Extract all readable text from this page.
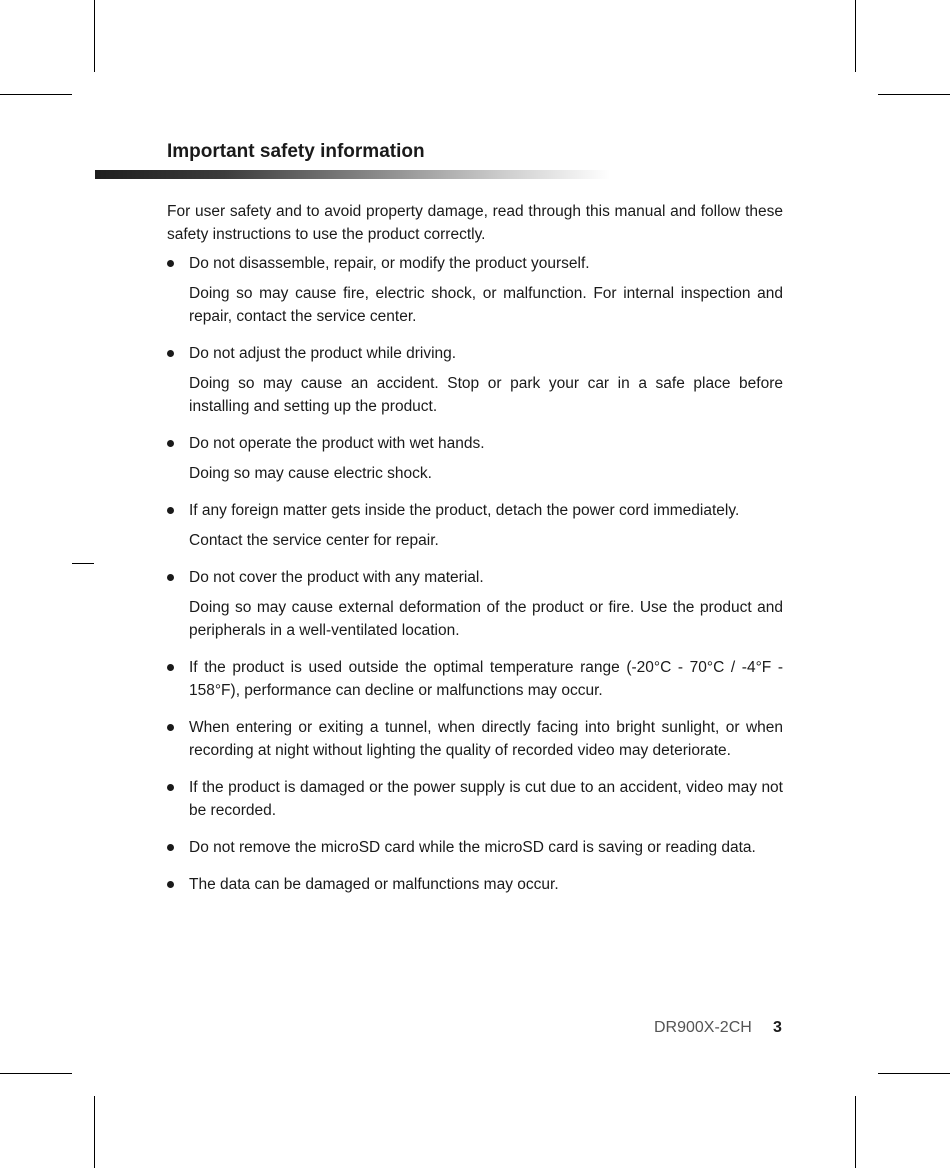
Important safety information

For user safety and to avoid property damage, read through this manual and follow these safety instructions to use the product correctly.

Do not disassemble, repair, or modify the product yourself.
Doing so may cause fire, electric shock, or malfunction. For internal inspection and repair, contact the service center.
Do not adjust the product while driving.
Doing so may cause an accident. Stop or park your car in a safe place before installing and setting up the product.
Do not operate the product with wet hands.
Doing so may cause electric shock.
If any foreign matter gets inside the product, detach the power cord immediately.
Contact the service center for repair.
Do not cover the product with any material.
Doing so may cause external deformation of the product or fire. Use the product and peripherals in a well-ventilated location.
If the product is used outside the optimal temperature range (-20°C - 70°C / -4°F - 158°F), performance can decline or malfunctions may occur.
When entering or exiting a tunnel, when directly facing into bright sunlight, or when recording at night without lighting the quality of recorded video may deteriorate.
If the product is damaged or the power supply is cut due to an accident, video may not be recorded.
Do not remove the microSD card while the microSD card is saving or reading data.
The data can be damaged or malfunctions may occur.
DR900X-2CH 3
